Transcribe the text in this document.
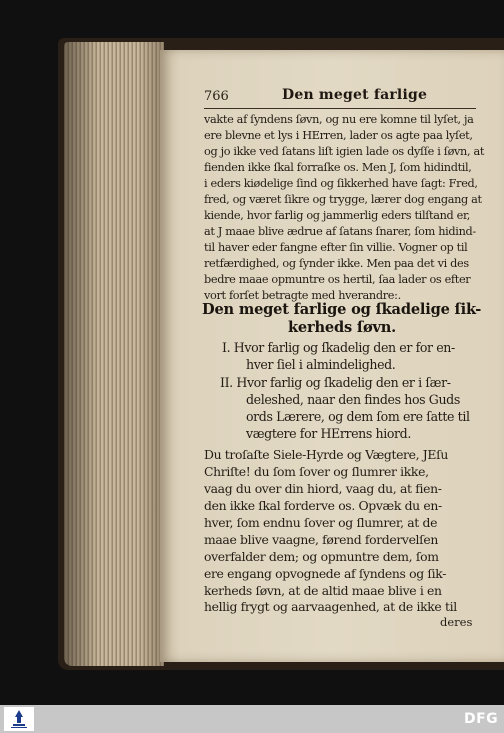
766	Den meget farlige
vakte af ſyndens ſøvn, og nu ere komne til lyſet, ja
ere blevne et lys i HErren, lader os agte paa lyſet,
og jo ikke ved ſatans liſt igien lade os dyſſe i ſøvn, at
fienden ikke ſkal forraſke os. Men J, ſom hidindtil,
i eders kiødelige ſind og ſikkerhed have ſagt: Fred,
fred, og været ſikre og trygge, lærer dog engang at
kiende, hvor farlig og jammerlig eders tilſtand er,
at J maae blive ædrue af ſatans ſnarer, ſom hidind-
til haver eder fangne efter ſin villie. Vogner op til
retfærdighed, og ſynder ikke. Men paa det vi des
bedre maae opmuntre os hertil, ſaa lader os efter
vort forſet betragte med hverandre:.
Den meget farlige og ſkadelige ſik-
kerheds ſøvn.
I. Hvor farlig og ſkadelig den er for en-
hver ſiel i almindelighed.
II. Hvor farlig og ſkadelig den er i ſær-
deleshed, naar den findes hos Guds
ords Lærere, og dem ſom ere ſatte til
vægtere for HErrens hiord.
Du troſaſte Siele-Hyrde og Vægtere, JEſu
Chriſte! du ſom ſover og ſlumrer ikke,
vaag du over din hiord, vaag du, at fien-
den ikke ſkal forderve os. Opvæk du en-
hver, ſom endnu ſover og ſlumrer, at de
maae blive vaagne, førend fordervelſen
overfalder dem; og opmuntre dem, ſom
ere engang opvognede af ſyndens og ſik-
kerheds ſøvn, at de altid maae blive i en
hellig frygt og aarvaagenhed, at de ikke til
deres
DFG
